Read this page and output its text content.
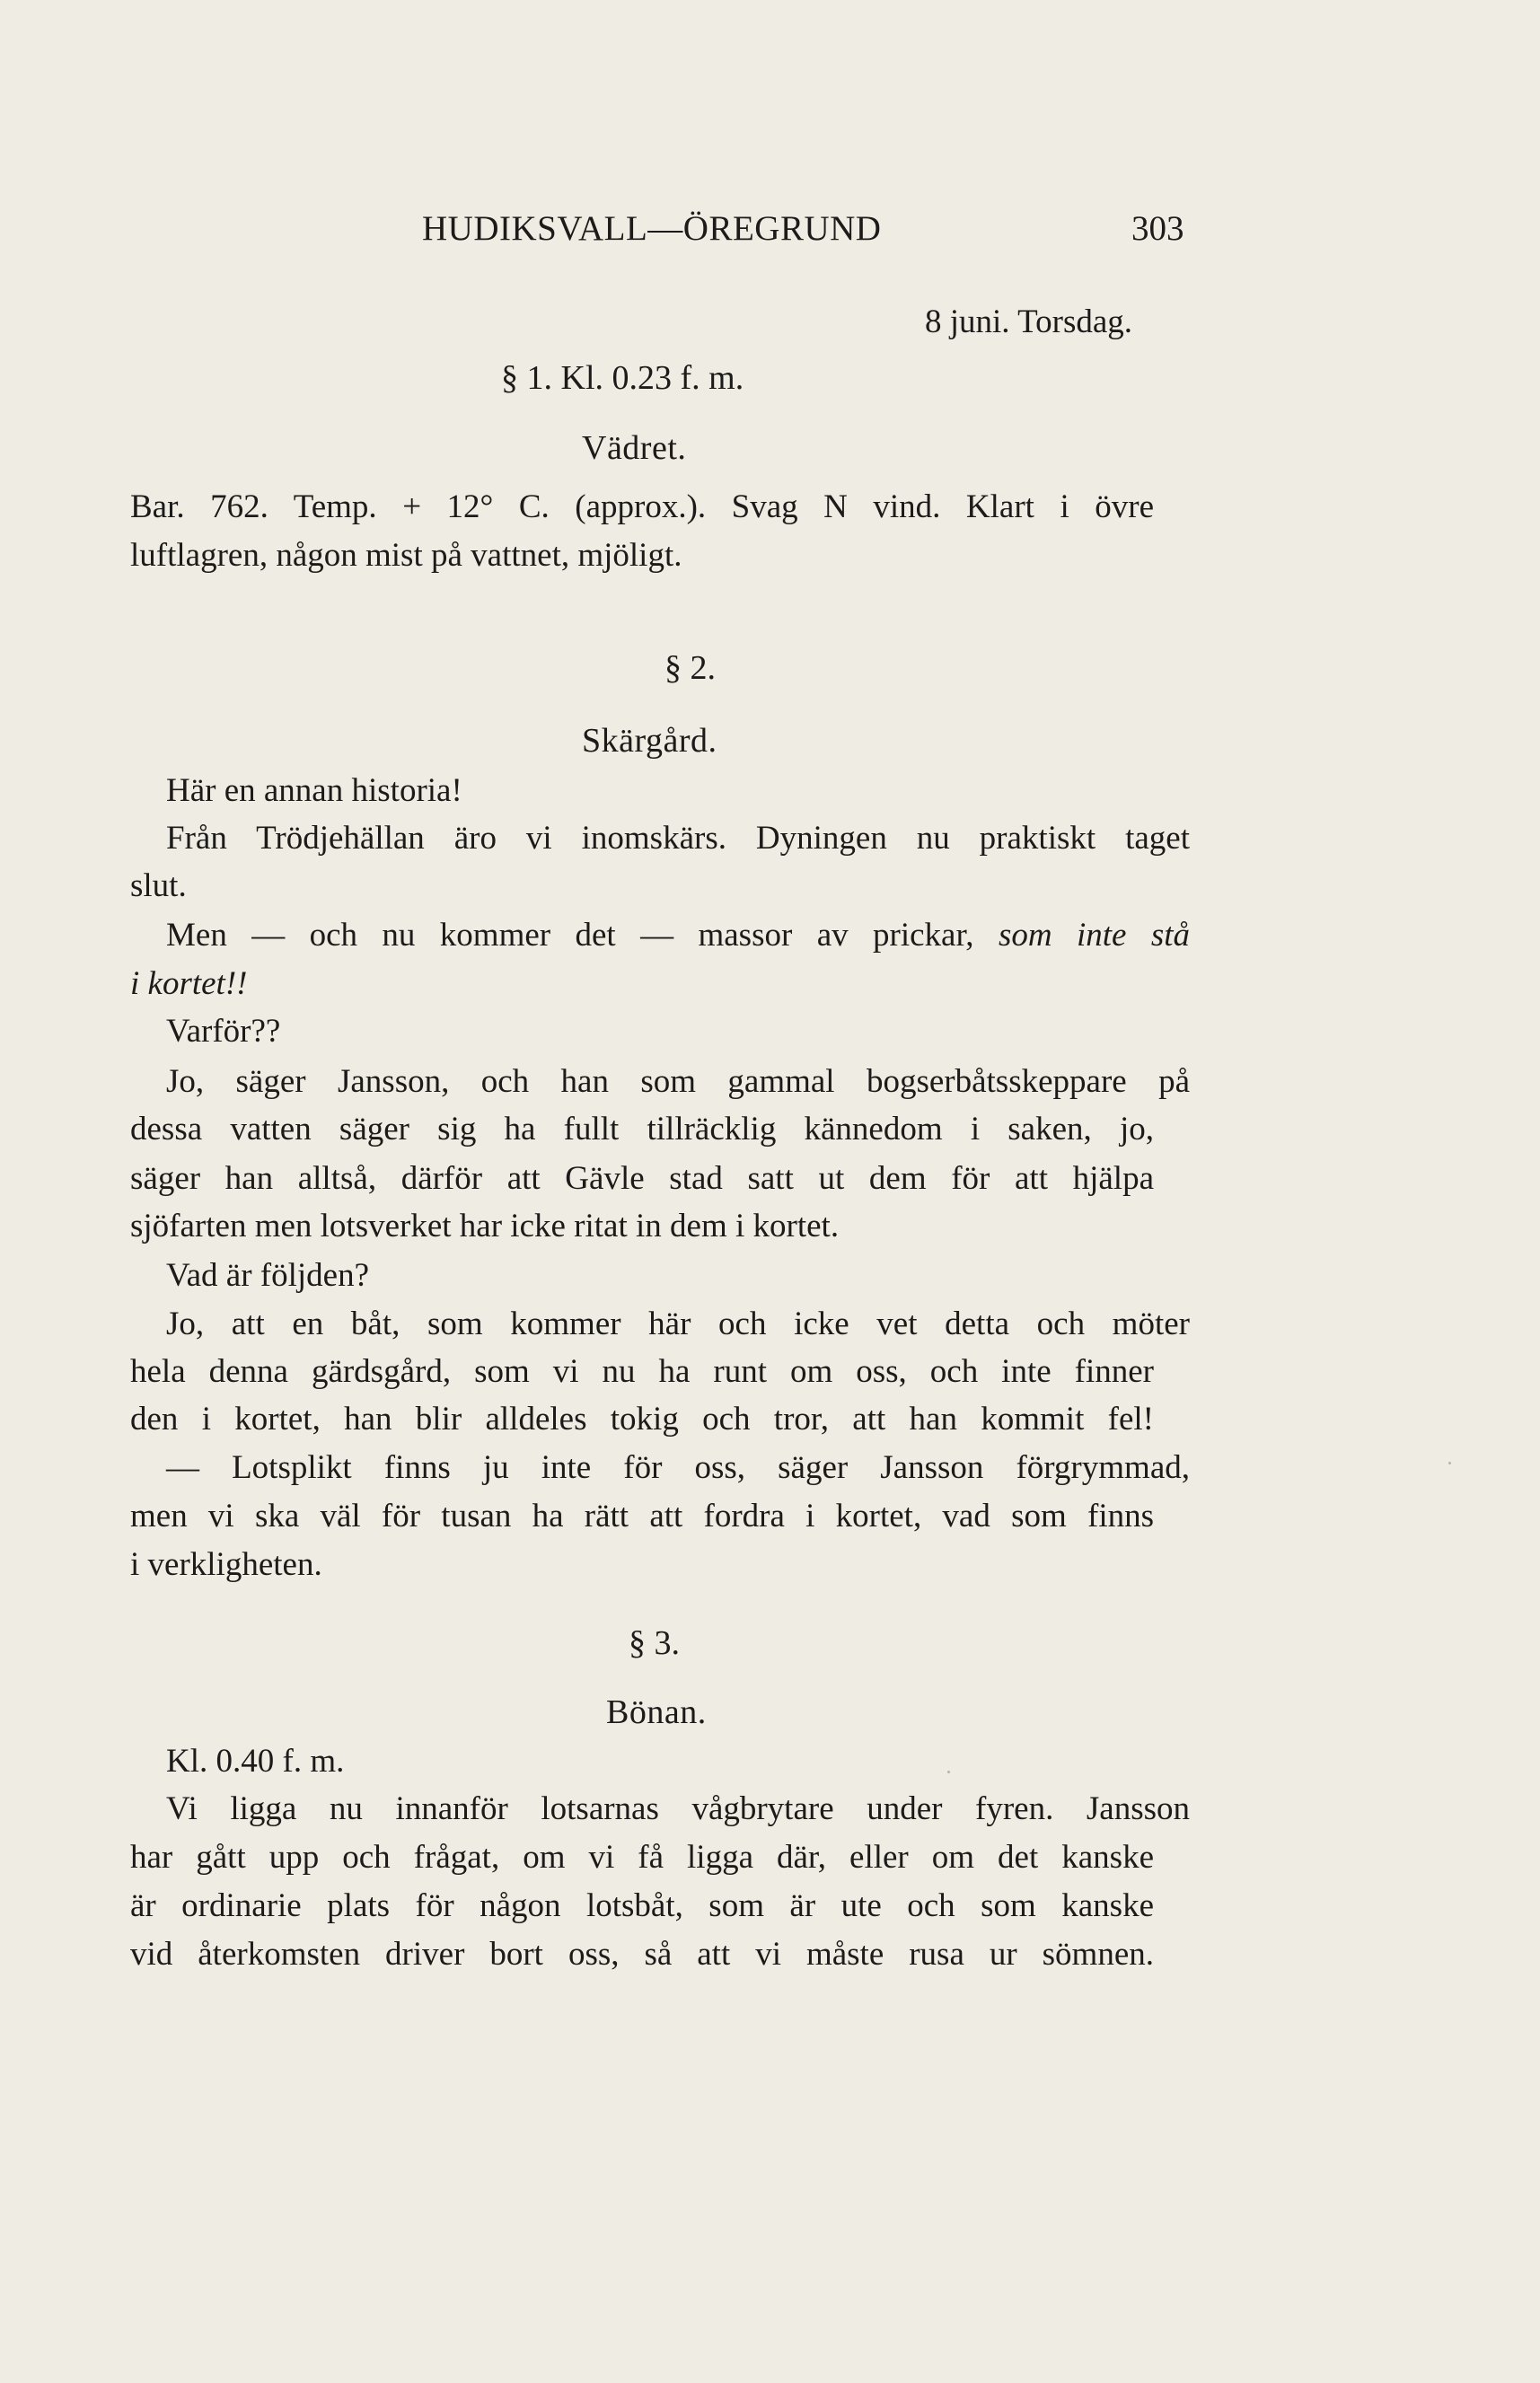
HUDIKSVALL—ÖREGRUND	303
8 juni. Torsdag.
§ 1. Kl. 0.23 f. m.
Vädret.
Bar. 762. Temp. + 12° C. (approx.). Svag N vind. Klart i övre
luftlagren, någon mist på vattnet, mjöligt.
§ 2.
Skärgård.
Här en annan historia!
Från Trödjehällan äro vi inomskärs. Dyningen nu praktiskt taget
slut.
Men — och nu kommer det — massor av prickar, som inte stå
i kortet!!
Varför??
Jo, säger Jansson, och han som gammal bogserbåtsskeppare på
dessa vatten säger sig ha fullt tillräcklig kännedom i saken, jo,
säger han alltså, därför att Gävle stad satt ut dem för att hjälpa
sjöfarten men lotsverket har icke ritat in dem i kortet.
Vad är följden?
Jo, att en båt, som kommer här och icke vet detta och möter
hela denna gärdsgård, som vi nu ha runt om oss, och inte finner
den i kortet, han blir alldeles tokig och tror, att han kommit fel!
— Lotsplikt finns ju inte för oss, säger Jansson förgrymmad,
men vi ska väl för tusan ha rätt att fordra i kortet, vad som finns
i verkligheten.
§ 3.
Bönan.
Kl. 0.40 f. m.
Vi ligga nu innanför lotsarnas vågbrytare under fyren. Jansson
har gått upp och frågat, om vi få ligga där, eller om det kanske
är ordinarie plats för någon lotsbåt, som är ute och som kanske
vid återkomsten driver bort oss, så att vi måste rusa ur sömnen.
